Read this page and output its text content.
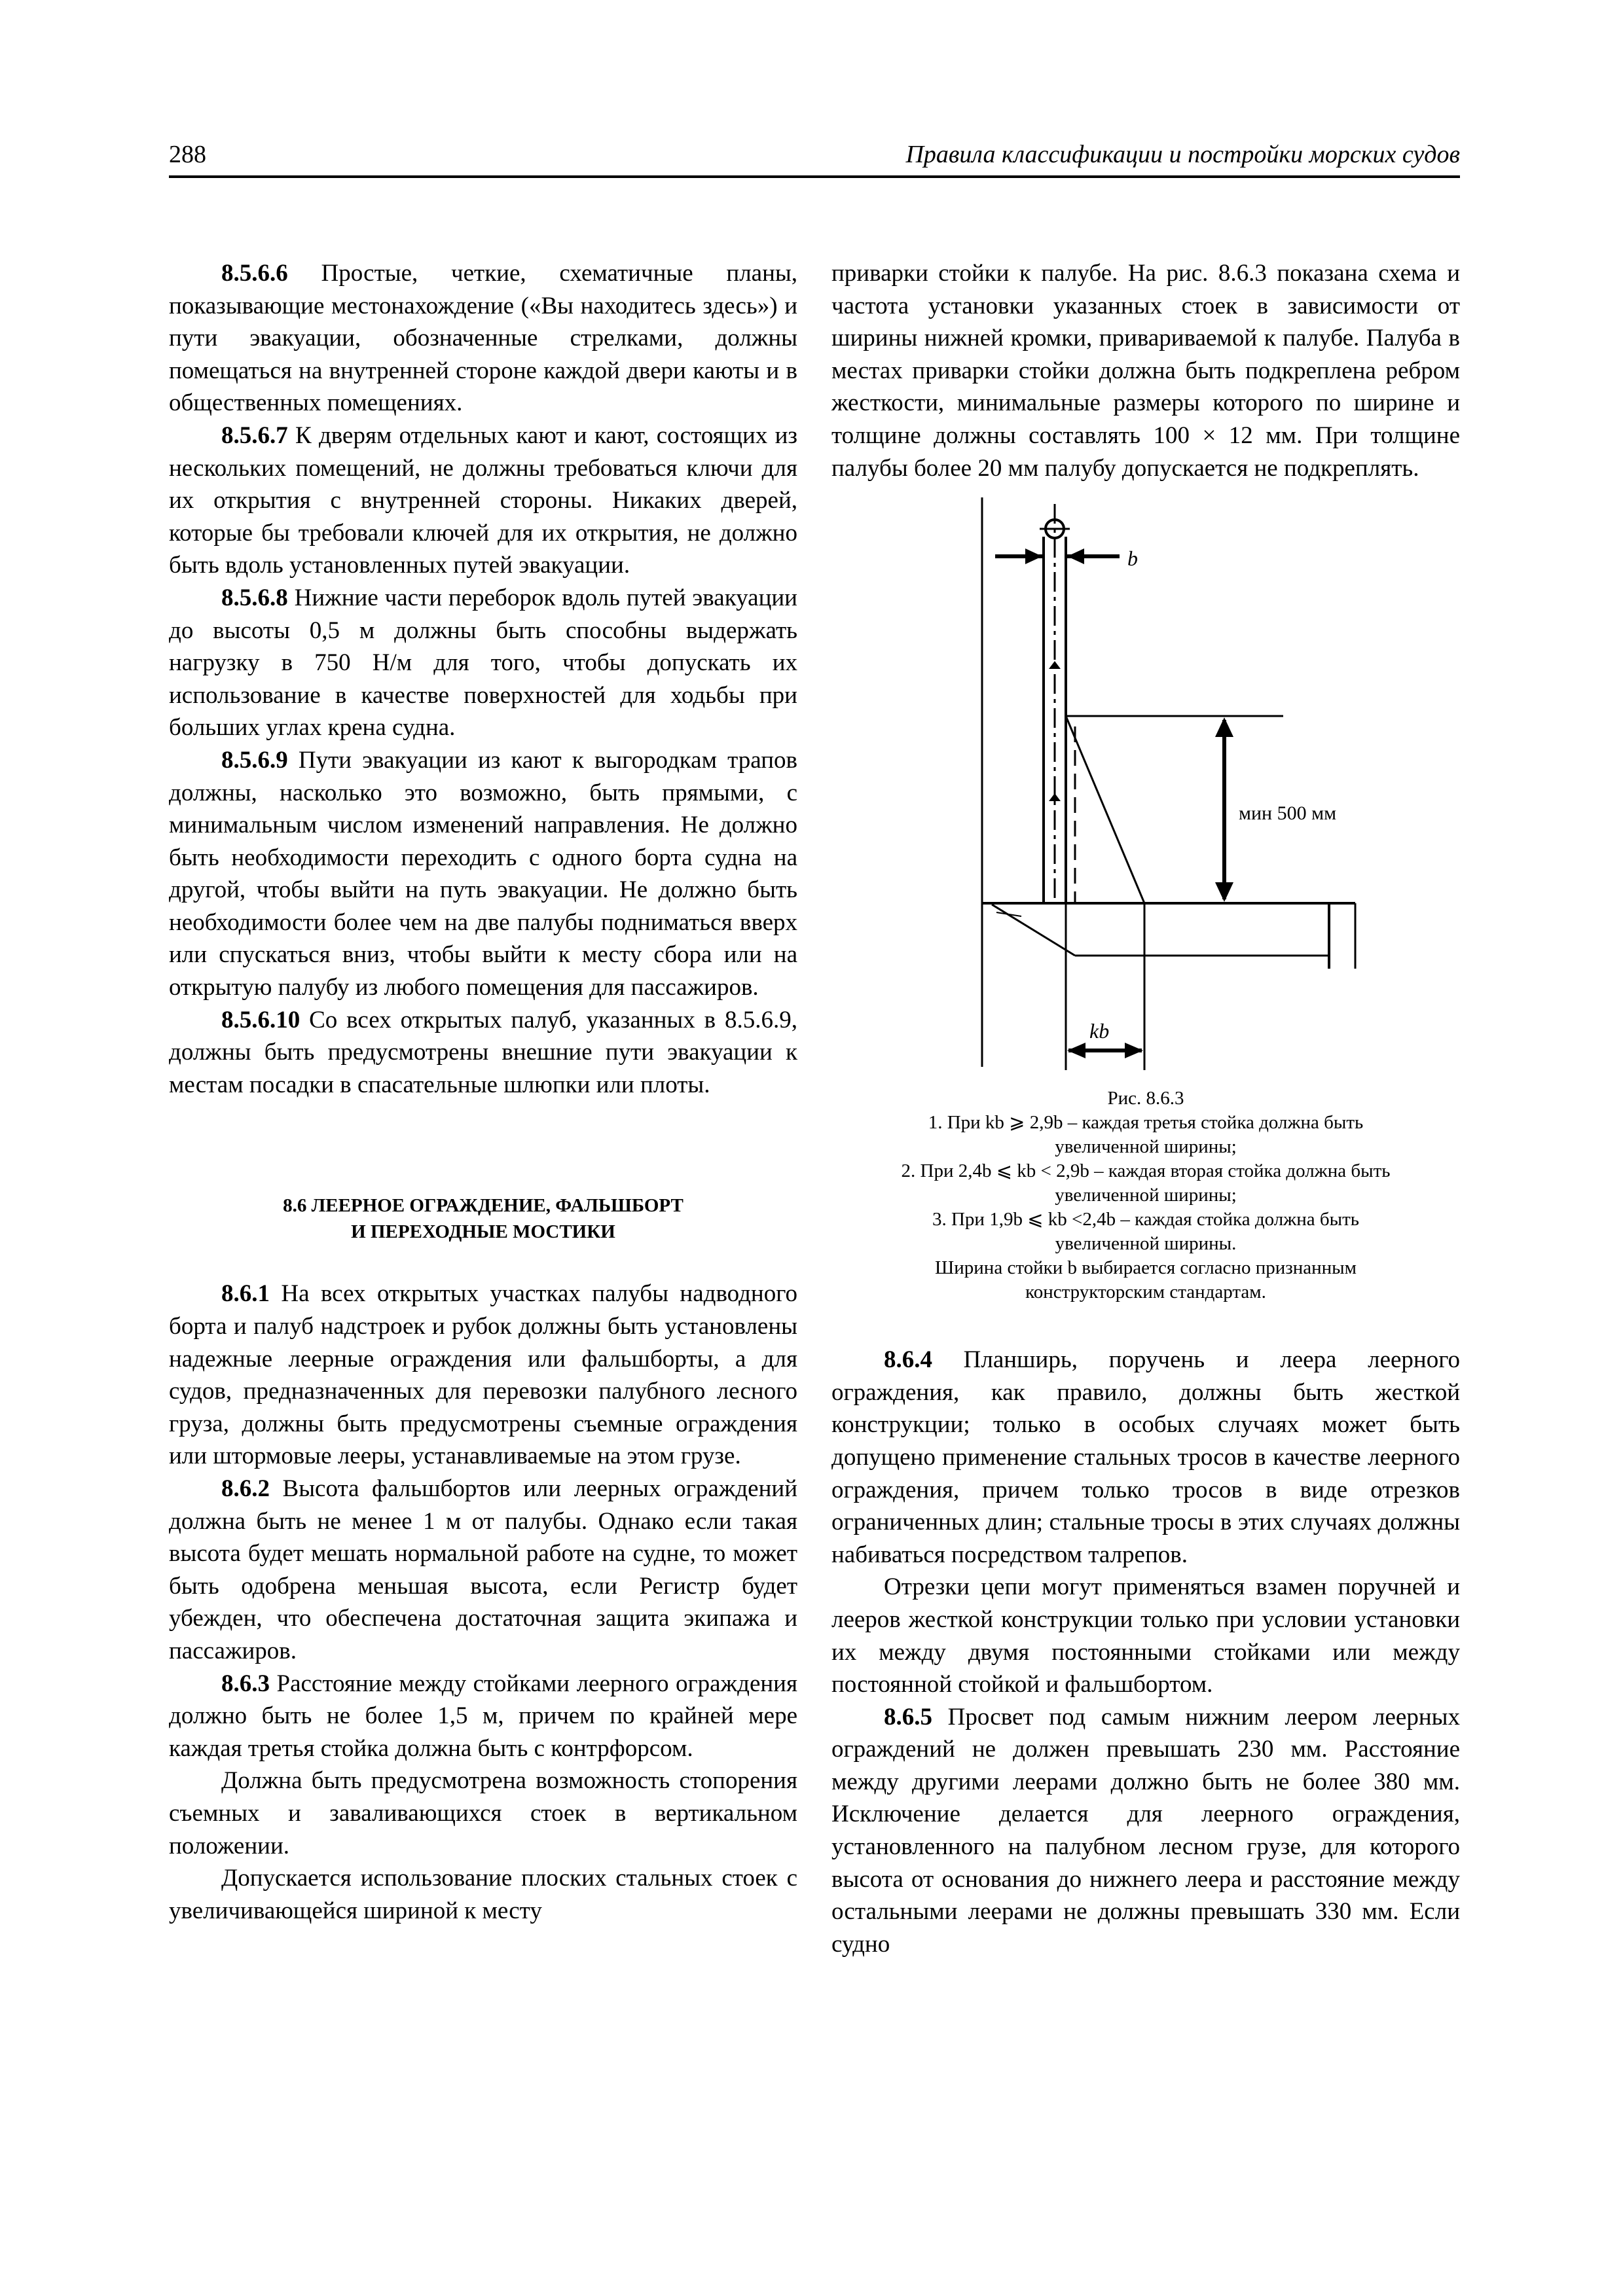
288	Правила классификации и постройки морских судов

8.5.6.6 Простые, четкие, схематичные планы, показывающие местонахождение («Вы находитесь здесь») и пути эвакуации, обозначенные стрелками, должны помещаться на внутренней стороне каждой двери каюты и в общественных помещениях.

8.5.6.7 К дверям отдельных кают и кают, состоящих из нескольких помещений, не должны требоваться ключи для их открытия с внутренней стороны. Никаких дверей, которые бы требовали ключей для их открытия, не должно быть вдоль установленных путей эвакуации.

8.5.6.8 Нижние части переборок вдоль путей эвакуации до высоты 0,5 м должны быть способны выдержать нагрузку в 750 Н/м для того, чтобы допускать их использование в качестве поверхностей для ходьбы при больших углах крена судна.

8.5.6.9 Пути эвакуации из кают к выгородкам трапов должны, насколько это возможно, быть прямыми, с минимальным числом изменений направления. Не должно быть необходимости переходить с одного борта судна на другой, чтобы выйти на путь эвакуации. Не должно быть необходимости более чем на две палубы подниматься вверх или спускаться вниз, чтобы выйти к месту сбора или на открытую палубу из любого помещения для пассажиров.

8.5.6.10 Со всех открытых палуб, указанных в 8.5.6.9, должны быть предусмотрены внешние пути эвакуации к местам посадки в спасательные шлюпки или плоты.

8.6 ЛЕЕРНОЕ ОГРАЖДЕНИЕ, ФАЛЬШБОРТ
И ПЕРЕХОДНЫЕ МОСТИКИ

8.6.1 На всех открытых участках палубы надводного борта и палуб надстроек и рубок должны быть установлены надежные леерные ограждения или фальшборты, а для судов, предназначенных для перевозки палубного лесного груза, должны быть предусмотрены съемные ограждения или штормовые лееры, устанавливаемые на этом грузе.

8.6.2 Высота фальшбортов или леерных ограждений должна быть не менее 1 м от палубы. Однако если такая высота будет мешать нормальной работе на судне, то может быть одобрена меньшая высота, если Регистр будет убежден, что обеспечена достаточная защита экипажа и пассажиров.

8.6.3 Расстояние между стойками леерного ограждения должно быть не более 1,5 м, причем по крайней мере каждая третья стойка должна быть с контрфорсом.

Должна быть предусмотрена возможность стопорения съемных и заваливающихся стоек в вертикальном положении.

Допускается использование плоских стальных стоек с увеличивающейся шириной к месту

приварки стойки к палубе. На рис. 8.6.3 показана схема и частота установки указанных стоек в зависимости от ширины нижней кромки, привариваемой к палубе. Палуба в местах приварки стойки должна быть подкреплена ребром жесткости, минимальные размеры которого по ширине и толщине должны составлять 100 × 12 мм. При толщине палубы более 20 мм палубу допускается не подкреплять.

b
мин 500 мм
kb
Рис. 8.6.3
1. При kb ⩾ 2,9b – каждая третья стойка должна быть
увеличенной ширины;
2. При 2,4b ⩽ kb < 2,9b – каждая вторая стойка должна быть
увеличенной ширины;
3. При 1,9b ⩽ kb <2,4b – каждая стойка должна быть
увеличенной ширины.
Ширина стойки b выбирается согласно признанным
конструкторским стандартам.

8.6.4 Планширь, поручень и леера леерного ограждения, как правило, должны быть жесткой конструкции; только в особых случаях может быть допущено применение стальных тросов в качестве леерного ограждения, причем только тросов в виде отрезков ограниченных длин; стальные тросы в этих случаях должны набиваться посредством талрепов.

Отрезки цепи могут применяться взамен поручней и лееров жесткой конструкции только при условии установки их между двумя постоянными стойками или между постоянной стойкой и фальшбортом.

8.6.5 Просвет под самым нижним леером леерных ограждений не должен превышать 230 мм. Расстояние между другими леерами должно быть не более 380 мм. Исключение делается для леерного ограждения, установленного на палубном лесном грузе, для которого высота от основания до нижнего леера и расстояние между остальными леерами не должны превышать 330 мм. Если судно
